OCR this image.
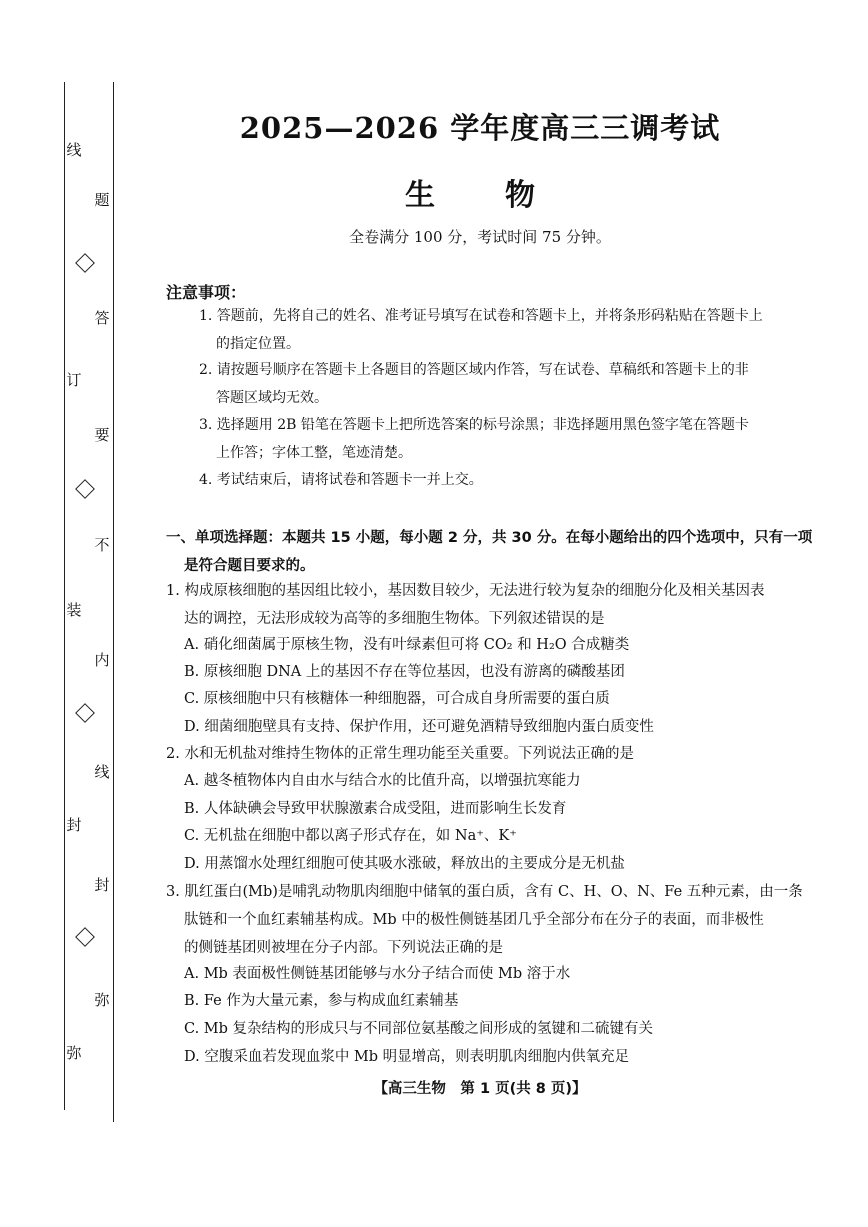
线
订
装
封
弥
题
答
要
不
内
线
封
弥
2025—2026 学年度高三三调考试
生　物
全卷满分 100 分，考试时间 75 分钟。
注意事项：
1. 答题前，先将自己的姓名、准考证号填写在试卷和答题卡上，并将条形码粘贴在答题卡上
的指定位置。
2. 请按题号顺序在答题卡上各题目的答题区域内作答，写在试卷、草稿纸和答题卡上的非
答题区域均无效。
3. 选择题用 2B 铅笔在答题卡上把所选答案的标号涂黑；非选择题用黑色签字笔在答题卡
上作答；字体工整，笔迹清楚。
4. 考试结束后，请将试卷和答题卡一并上交。
一、单项选择题：本题共 15 小题，每小题 2 分，共 30 分。在每小题给出的四个选项中，只有一项
是符合题目要求的。
1. 构成原核细胞的基因组比较小，基因数目较少，无法进行较为复杂的细胞分化及相关基因表
达的调控，无法形成较为高等的多细胞生物体。下列叙述错误的是
A. 硝化细菌属于原核生物，没有叶绿素但可将 CO₂ 和 H₂O 合成糖类
B. 原核细胞 DNA 上的基因不存在等位基因，也没有游离的磷酸基团
C. 原核细胞中只有核糖体一种细胞器，可合成自身所需要的蛋白质
D. 细菌细胞壁具有支持、保护作用，还可避免酒精导致细胞内蛋白质变性
2. 水和无机盐对维持生物体的正常生理功能至关重要。下列说法正确的是
A. 越冬植物体内自由水与结合水的比值升高，以增强抗寒能力
B. 人体缺碘会导致甲状腺激素合成受阻，进而影响生长发育
C. 无机盐在细胞中都以离子形式存在，如 Na⁺、K⁺
D. 用蒸馏水处理红细胞可使其吸水涨破，释放出的主要成分是无机盐
3. 肌红蛋白(Mb)是哺乳动物肌肉细胞中储氧的蛋白质，含有 C、H、O、N、Fe 五种元素，由一条
肽链和一个血红素辅基构成。Mb 中的极性侧链基团几乎全部分布在分子的表面，而非极性
的侧链基团则被埋在分子内部。下列说法正确的是
A. Mb 表面极性侧链基团能够与水分子结合而使 Mb 溶于水
B. Fe 作为大量元素，参与构成血红素辅基
C. Mb 复杂结构的形成只与不同部位氨基酸之间形成的氢键和二硫键有关
D. 空腹采血若发现血浆中 Mb 明显增高，则表明肌肉细胞内供氧充足
【高三生物　第 1 页(共 8 页)】
